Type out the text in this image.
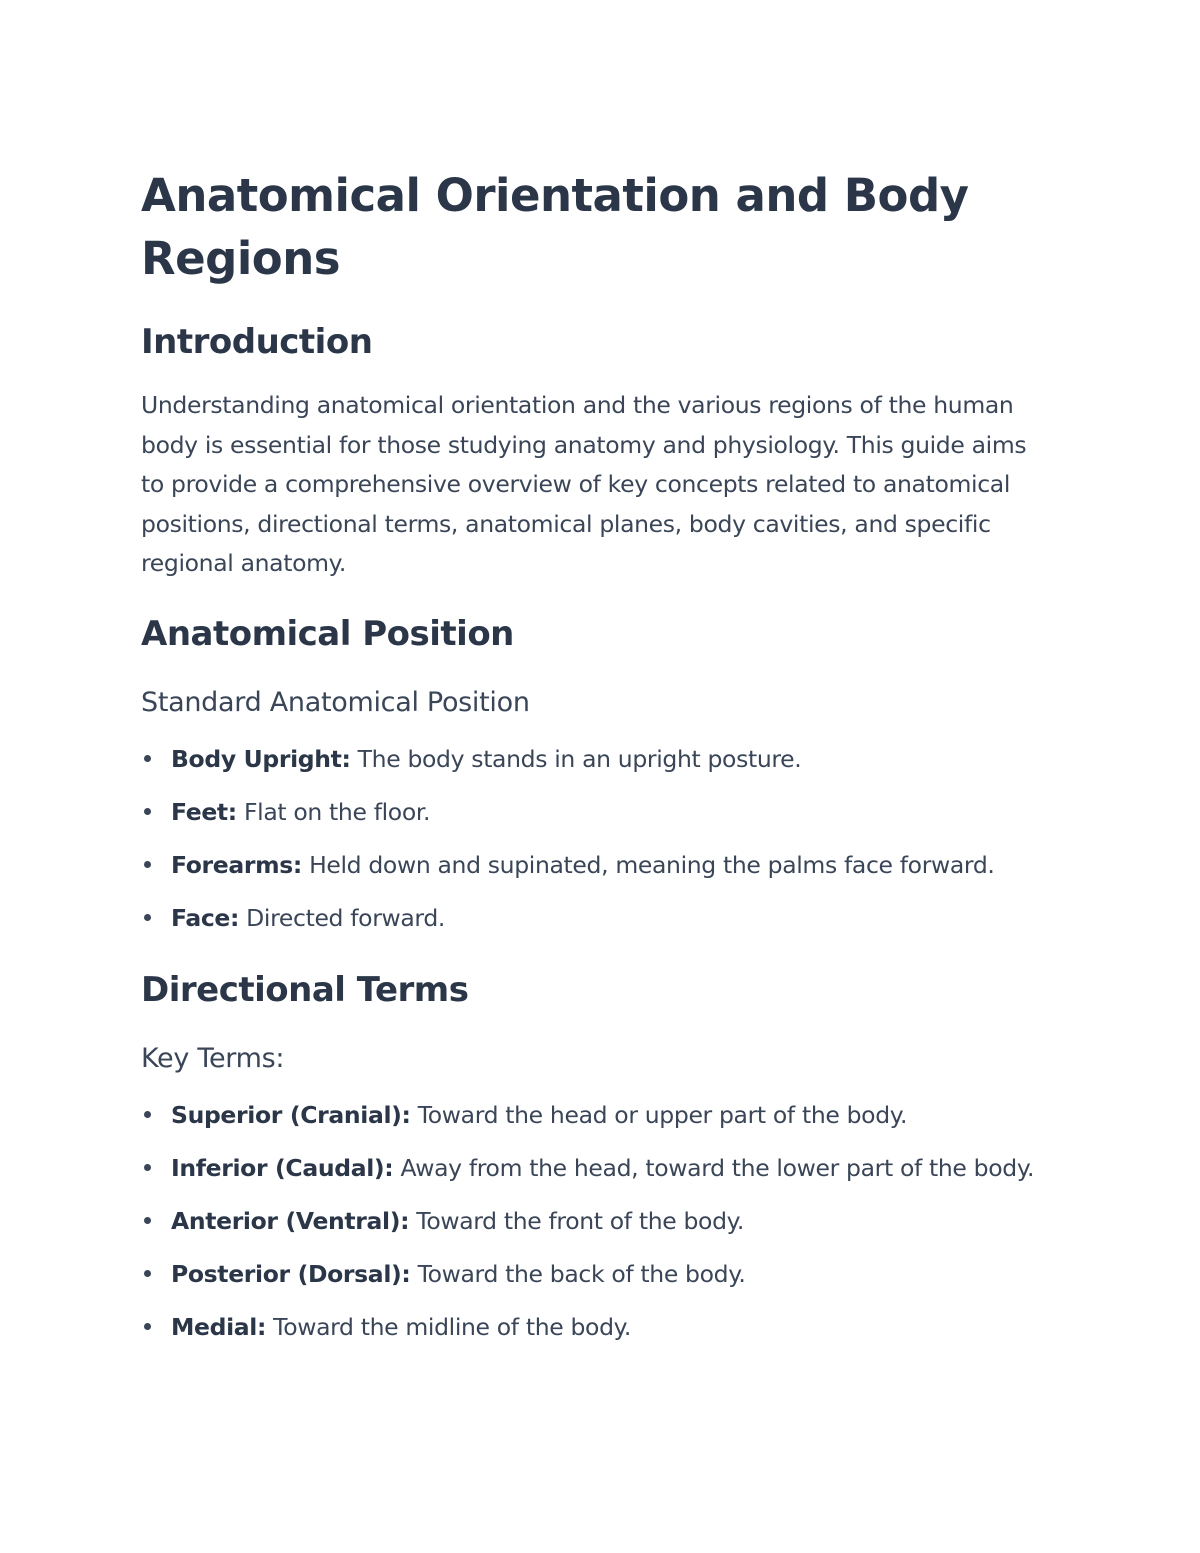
Anatomical Orientation and Body Regions
Introduction

Understanding anatomical orientation and the various regions of the human body is essential for those studying anatomy and physiology. This guide aims to provide a comprehensive overview of key concepts related to anatomical positions, directional terms, anatomical planes, body cavities, and specific regional anatomy.

Anatomical Position
Standard Anatomical Position
Body Upright: The body stands in an upright posture.
Feet: Flat on the floor.
Forearms: Held down and supinated, meaning the palms face forward.
Face: Directed forward.
Directional Terms
Key Terms:
Superior (Cranial): Toward the head or upper part of the body.
Inferior (Caudal): Away from the head, toward the lower part of the body.
Anterior (Ventral): Toward the front of the body.
Posterior (Dorsal): Toward the back of the body.
Medial: Toward the midline of the body.
